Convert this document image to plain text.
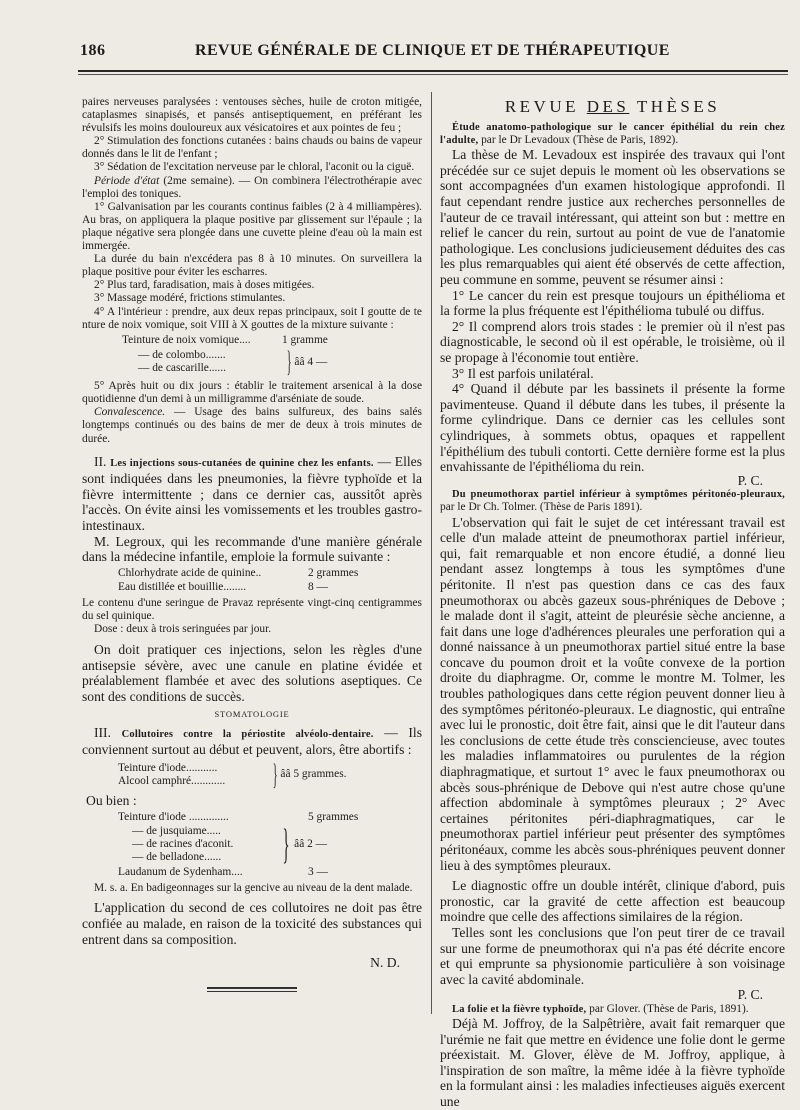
186	REVUE GÉNÉRALE DE CLINIQUE ET DE THÉRAPEUTIQUE

paires nerveuses paralysées : ventouses sèches, huile de croton mitigée, cataplasmes sinapisés, et pansés antiseptiquement, en préférant les révulsifs les moins douloureux aux vésicatoires et aux pointes de feu ;

2° Stimulation des fonctions cutanées : bains chauds ou bains de vapeur donnés dans le lit de l'enfant ;

3° Sédation de l'excitation nerveuse par le chloral, l'aconit ou la ciguë.

Période d'état (2me semaine). — On combinera l'électrothérapie avec l'emploi des toniques.

1° Galvanisation par les courants continus faibles (2 à 4 milliampères). Au bras, on appliquera la plaque positive par glissement sur l'épaule ; la plaque négative sera plongée dans une cuvette pleine d'eau où la main est immergée.

La durée du bain n'excédera pas 8 à 10 minutes. On surveillera la plaque positive pour éviter les escharres.

2° Plus tard, faradisation, mais à doses mitigées.

3° Massage modéré, frictions stimulantes.

4° A l'intérieur : prendre, aux deux repas principaux, soit I goutte de te nture de noix vomique, soit VIII à X gouttes de la mixture suivante :

Teinture de noix vomique....	1 gramme
— de colombo.......
— de cascarille......	} ââ 4 —

5° Après huit ou dix jours : établir le traitement arsenical à la dose quotidienne d'un demi à un milligramme d'arséniate de soude.

Convalescence. — Usage des bains sulfureux, des bains salés longtemps continués ou des bains de mer de deux à trois minutes de durée.

II. Les injections sous-cutanées de quinine chez les enfants. — Elles sont indiquées dans les pneumonies, la fièvre typhoïde et la fièvre intermittente ; dans ce dernier cas, aussitôt après l'accès. On évite ainsi les vomissements et les troubles gastro-intestinaux.

M. Legroux, qui les recommande d'une manière générale dans la médecine infantile, emploie la formule suivante :

Chlorhydrate acide de quinine..	2 grammes
Eau distillée et bouillie........	8 —

Le contenu d'une seringue de Pravaz représente vingt-cinq centigrammes du sel quinique.

Dose : deux à trois seringuées par jour.

On doit pratiquer ces injections, selon les règles d'une antisepsie sévère, avec une canule en platine évidée et préalablement flambée et avec des solutions aseptiques. Ce sont des conditions de succès.

STOMATOLOGIE

III. Collutoires contre la périostite alvéolo-dentaire. — Ils conviennent surtout au début et peuvent, alors, être abortifs :

Teinture d'iode...........
Alcool camphré............	} ââ 5 grammes.

Ou bien :

Teinture d'iode ..............	5 grammes
— de jusquiame.....
— de racines d'aconit.
— de belladone......	} ââ 2 —
Laudanum de Sydenham....	3 —

M. s. a. En badigeonnages sur la gencive au niveau de la dent malade.

L'application du second de ces collutoires ne doit pas être confiée au malade, en raison de la toxicité des substances qui entrent dans sa composition.

N. D.
REVUE DES THÈSES

Étude anatomo-pathologique sur le cancer épithélial du rein chez l'adulte, par le Dr Levadoux (Thèse de Paris, 1892).

La thèse de M. Levadoux est inspirée des travaux qui l'ont précédée sur ce sujet depuis le moment où les observations se sont accompagnées d'un examen histologique approfondi. Il faut cependant rendre justice aux recherches personnelles de l'auteur de ce travail intéressant, qui atteint son but : mettre en relief le cancer du rein, surtout au point de vue de l'anatomie pathologique. Les conclusions judicieusement déduites des cas les plus remarquables qui aient été observés de cette affection, peu commune en somme, peuvent se résumer ainsi :

1° Le cancer du rein est presque toujours un épithélioma et la forme la plus fréquente est l'épithélioma tubulé ou diffus.

2° Il comprend alors trois stades : le premier où il n'est pas diagnosticable, le second où il est opérable, le troisième, où il se propage à l'économie tout entière.

3° Il est parfois unilatéral.

4° Quand il débute par les bassinets il présente la forme pavimenteuse. Quand il débute dans les tubes, il présente la forme cylindrique. Dans ce dernier cas les cellules sont cylindriques, à sommets obtus, opaques et rappellent l'épithélium des tubuli contorti. Cette dernière forme est la plus envahissante de l'épithélioma du rein.

P. C.

Du pneumothorax partiel inférieur à symptômes péritonéo-pleuraux, par le Dr Ch. Tolmer. (Thèse de Paris 1891).

L'observation qui fait le sujet de cet intéressant travail est celle d'un malade atteint de pneumothorax partiel inférieur, qui, fait remarquable et non encore étudié, a donné lieu pendant assez longtemps à tous les symptômes d'une péritonite. Il n'est pas question dans ce cas des faux pneumothorax ou abcès gazeux sous-phréniques de Debove ; le malade dont il s'agit, atteint de pleurésie sèche ancienne, a fait dans une loge d'adhérences pleurales une perforation qui a donné naissance à un pneumothorax partiel situé entre la base concave du poumon droit et la voûte convexe de la portion droite du diaphragme. Or, comme le montre M. Tolmer, les troubles pathologiques dans cette région peuvent donner lieu à des symptômes péritonéo-pleuraux. Le diagnostic, qui entraîne avec lui le pronostic, doit être fait, ainsi que le dit l'auteur dans les conclusions de cette étude très consciencieuse, avec toutes les maladies inflammatoires ou purulentes de la région diaphragmatique, et surtout 1° avec le faux pneumothorax ou abcès sous-phrénique de Debove qui n'est autre chose qu'une affection abdominale à symptômes pleuraux ; 2° Avec certaines péritonites péri-diaphragmatiques, car le pneumothorax partiel inférieur peut présenter des symptômes péritonéaux, comme les abcès sous-phréniques peuvent donner lieu à des symptômes pleuraux.

Le diagnostic offre un double intérêt, clinique d'abord, puis pronostic, car la gravité de cette affection est beaucoup moindre que celle des affections similaires de la région.

Telles sont les conclusions que l'on peut tirer de ce travail sur une forme de pneumothorax qui n'a pas été décrite encore et qui emprunte sa physionomie particulière à son voisinage avec la cavité abdominale.

P. C.

La folie et la fièvre typhoïde, par Glover. (Thèse de Paris, 1891).

Déjà M. Joffroy, de la Salpêtrière, avait fait remarquer que l'urémie ne fait que mettre en évidence une folie dont le germe préexistait. M. Glover, élève de M. Joffroy, applique, à l'inspiration de son maître, la même idée à la fièvre typhoïde en la formulant ainsi : les maladies infectieuses aiguës exercent une
